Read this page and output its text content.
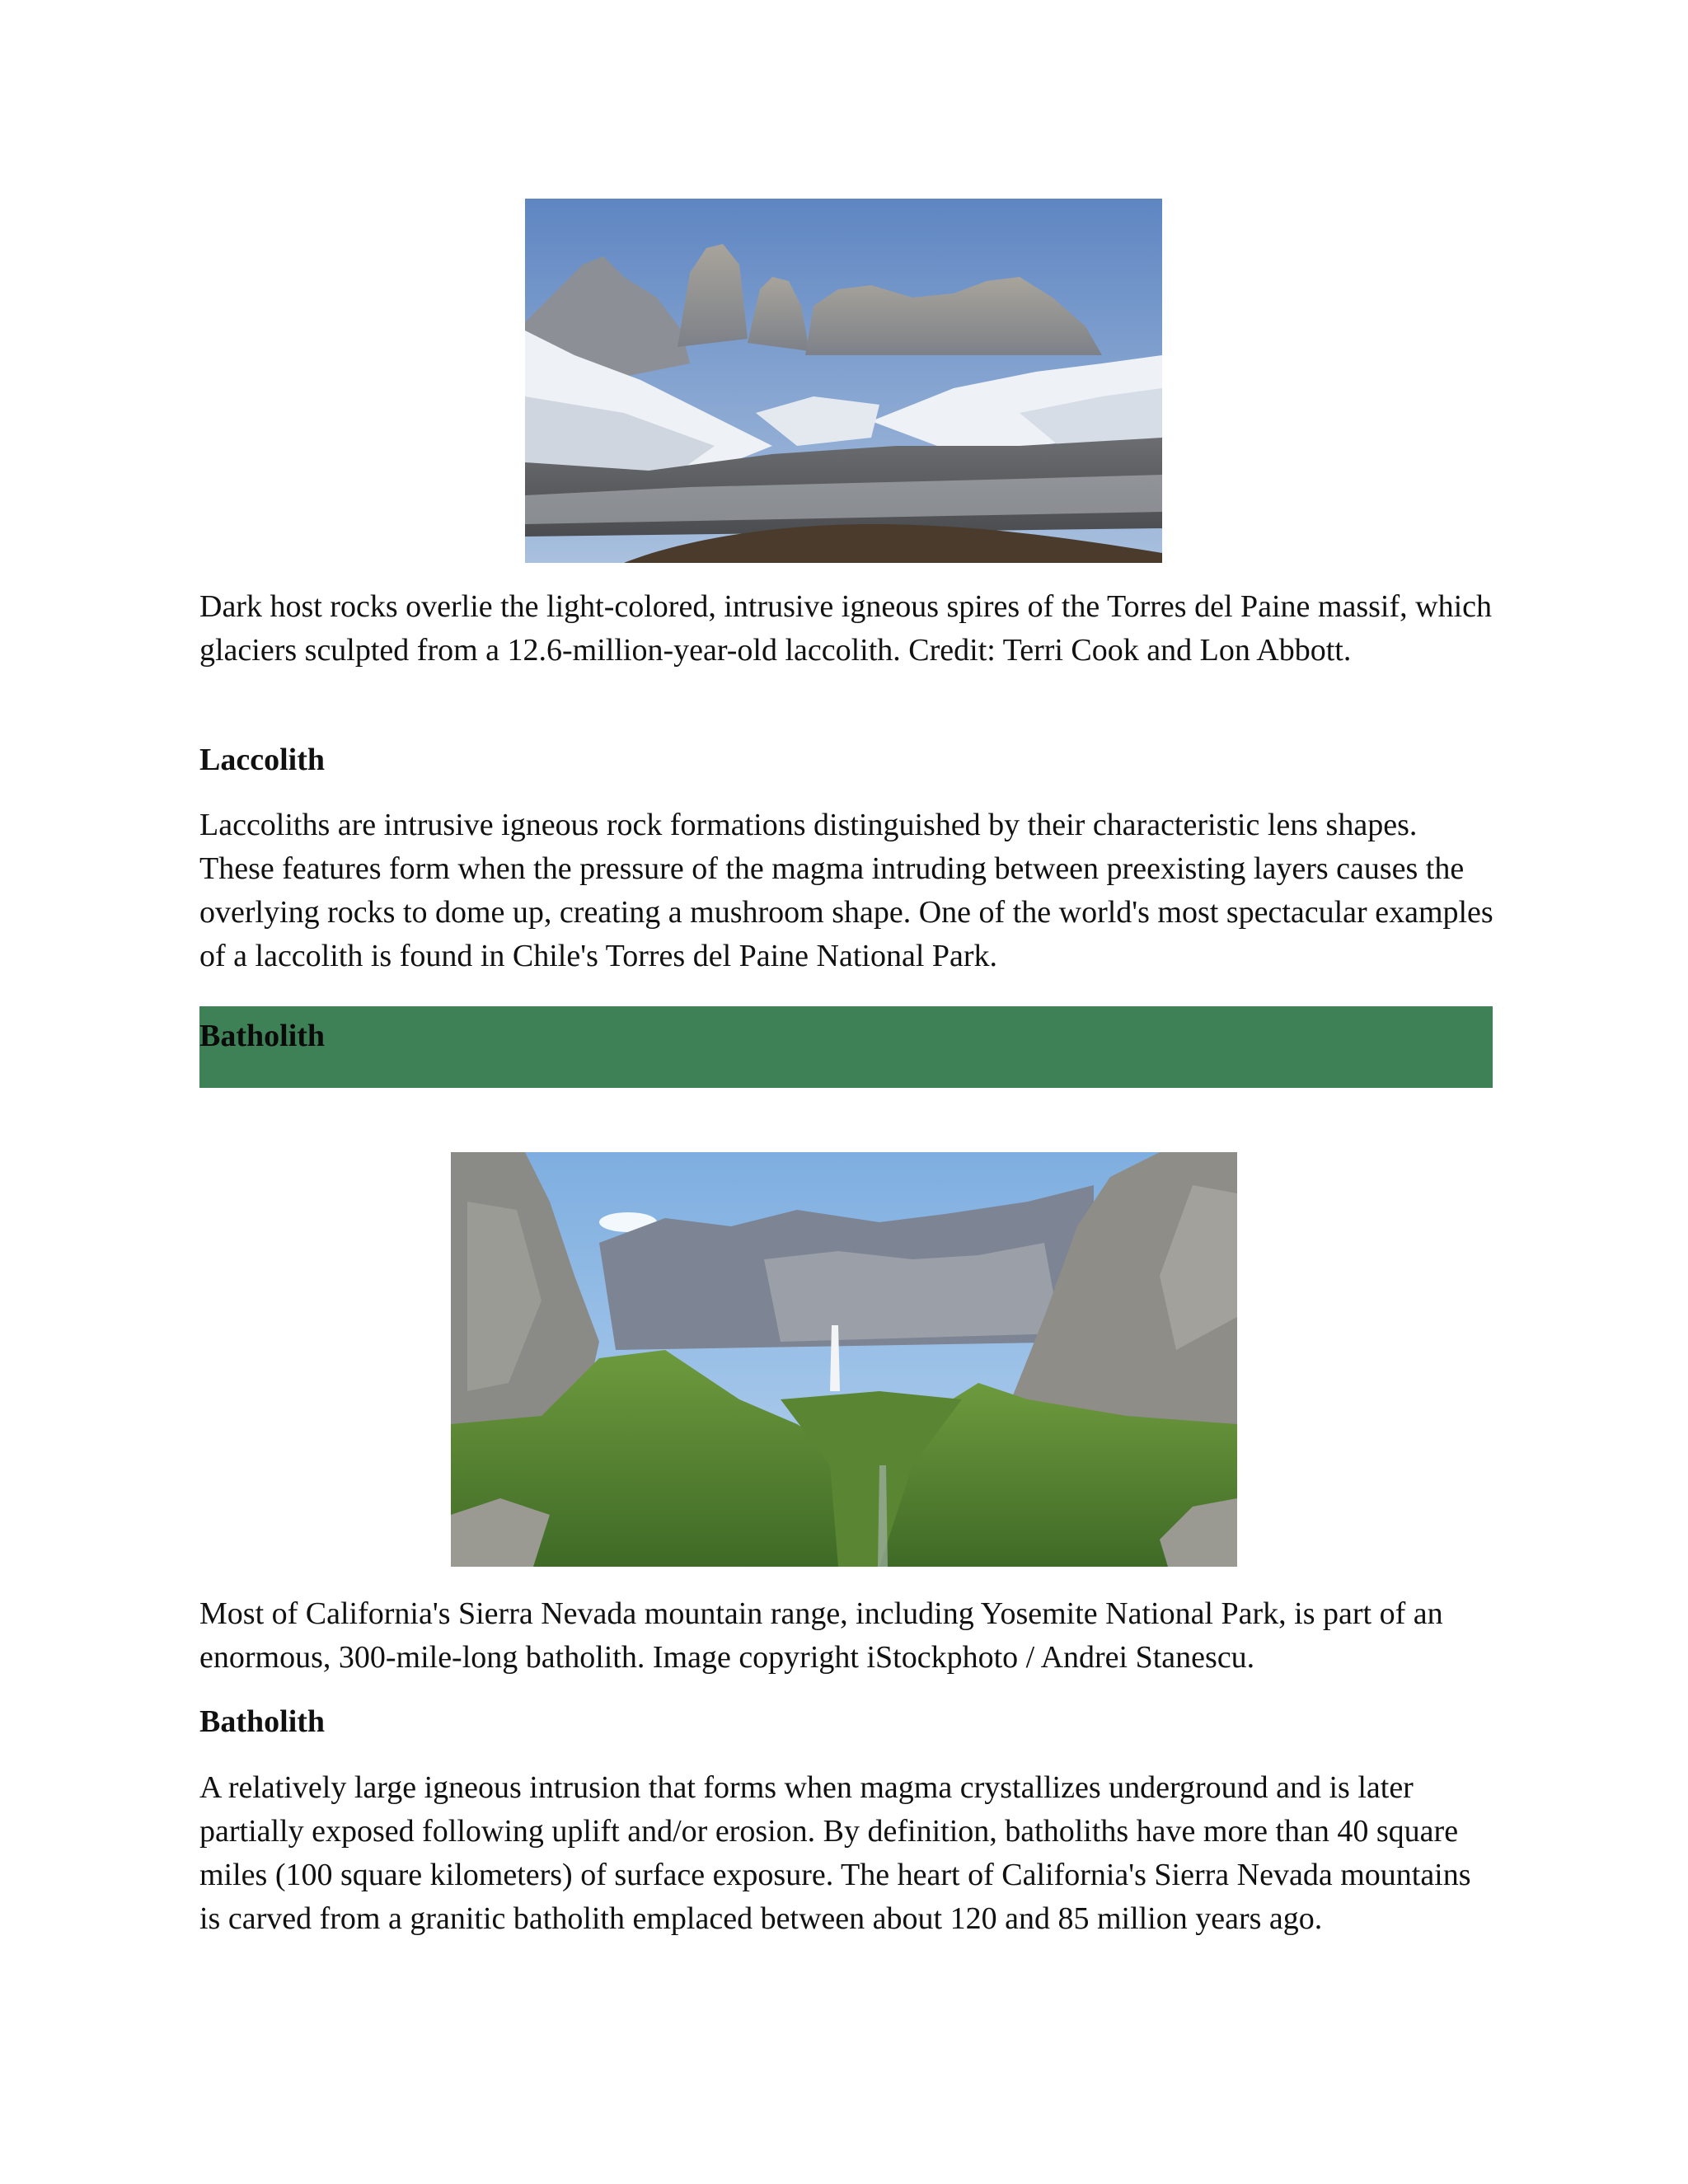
Dark host rocks overlie the light-colored, intrusive igneous spires of the Torres del Paine massif, which glaciers sculpted from a 12.6-million-year-old laccolith. Credit: Terri Cook and Lon Abbott.

Laccolith

Laccoliths are intrusive igneous rock formations distinguished by their characteristic lens shapes. These features form when the pressure of the magma intruding between preexisting layers causes the overlying rocks to dome up, creating a mushroom shape. One of the world's most spectacular examples of a laccolith is found in Chile's Torres del Paine National Park.

Batholith

Most of California's Sierra Nevada mountain range, including Yosemite National Park, is part of an enormous, 300-mile-long batholith. Image copyright iStockphoto / Andrei Stanescu.

Batholith

A relatively large igneous intrusion that forms when magma crystallizes underground and is later partially exposed following uplift and/or erosion. By definition, batholiths have more than 40 square miles (100 square kilometers) of surface exposure. The heart of California's Sierra Nevada mountains is carved from a granitic batholith emplaced between about 120 and 85 million years ago.
